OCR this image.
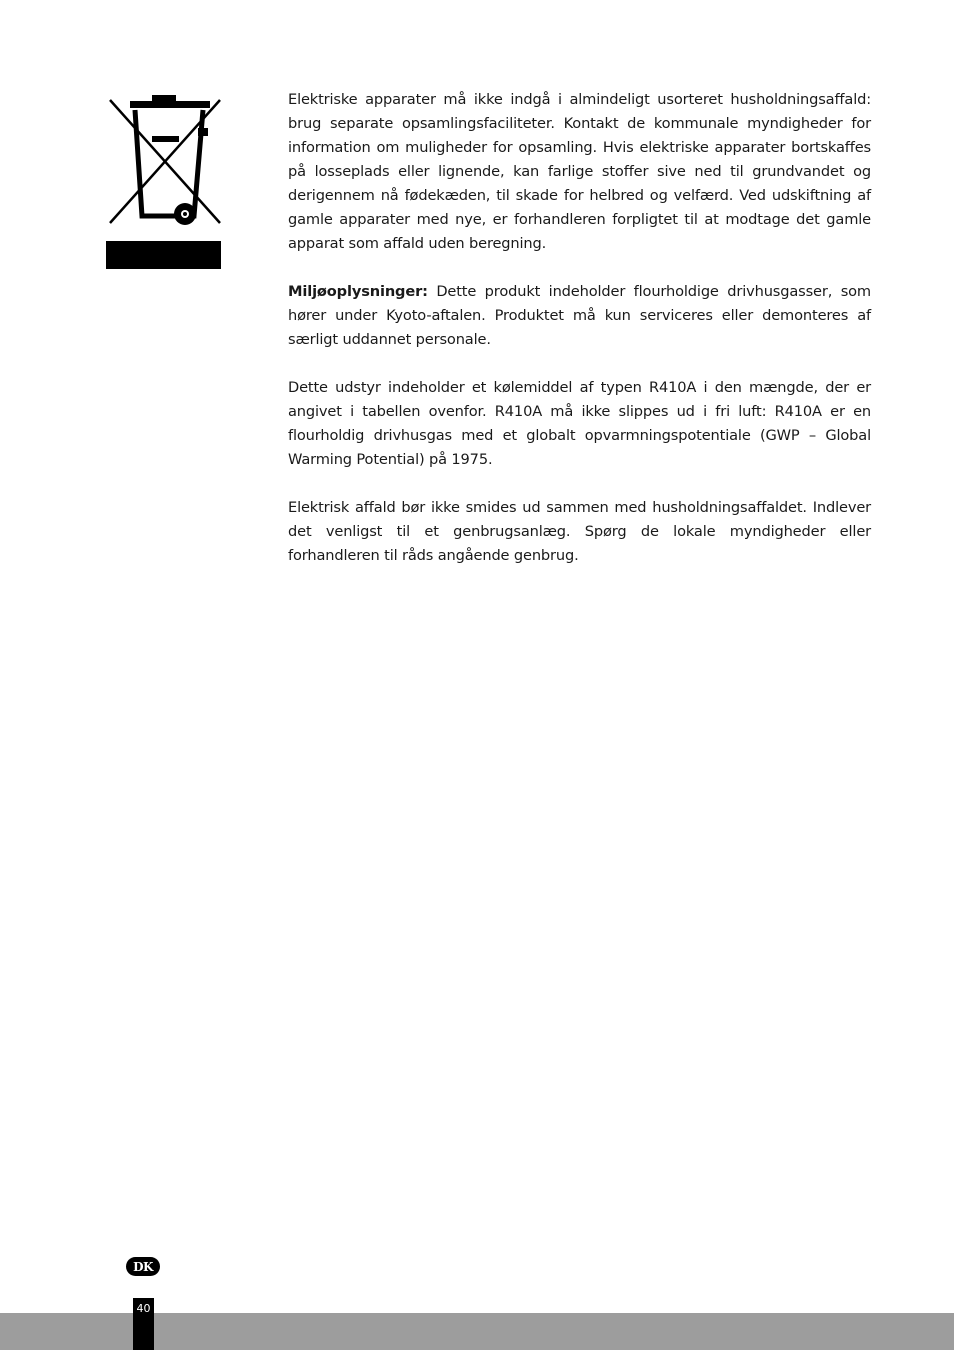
Elektriske apparater må ikke indgå i almindeligt usorteret husholdningsaffald: brug separate opsamlingsfaciliteter. Kontakt de kommunale myndigheder for information om muligheder for opsamling. Hvis elektriske apparater bortskaffes på losseplads eller lignende, kan farlige stoffer sive ned til grundvandet og derigennem nå fødekæden, til skade for helbred og velfærd. Ved udskiftning af gamle apparater med nye, er forhandleren forpligtet til at modtage det gamle apparat som affald uden beregning.

Miljøoplysninger: Dette produkt indeholder flourholdige drivhusgasser, som hører under Kyoto-aftalen. Produktet må kun serviceres eller demonteres af særligt uddannet personale.

Dette udstyr indeholder et kølemiddel af typen R410A i den mængde, der er angivet i tabellen ovenfor. R410A må ikke slippes ud i fri luft: R410A er en flourholdig drivhusgas med et globalt opvarmningspotentiale (GWP – Global Warming Potential) på 1975.

Elektrisk affald bør ikke smides ud sammen med husholdningsaffaldet. Indlever det venligst til et genbrugsanlæg. Spørg de lokale myndigheder eller forhandleren til råds angående genbrug.

DK
40
